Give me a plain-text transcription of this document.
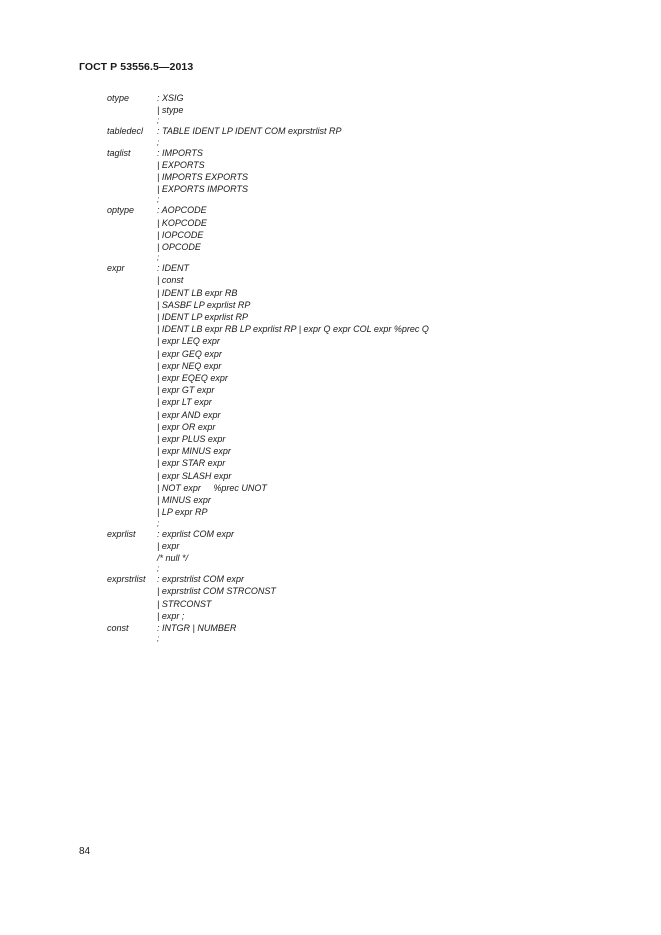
ГОСТ Р 53556.5—2013
otype	: XSIG
| stype
;
tabledecl	: TABLE IDENT LP IDENT COM exprstrlist RP
;
taglist	: IMPORTS
| EXPORTS
| IMPORTS EXPORTS
| EXPORTS IMPORTS
;
optype	: AOPCODE
| KOPCODE
| IOPCODE
| OPCODE
;
expr	: IDENT
| const
| IDENT LB expr RB
| SASBF LP exprlist RP
| IDENT LP exprlist RP
| IDENT LB expr RB LP exprlist RP | expr Q expr COL expr %prec Q
| expr LEQ expr
| expr GEQ expr
| expr NEQ expr
| expr EQEQ expr
| expr GT expr
| expr LT expr
| expr AND expr
| expr OR expr
| expr PLUS expr
| expr MINUS expr
| expr STAR expr
| expr SLASH expr
| NOT expr     %prec UNOT
| MINUS expr
| LP expr RP
;
exprlist	: exprlist COM expr
| expr
/* null */
;
exprstrlist	: exprstrlist COM expr
| exprstrlist COM STRCONST
| STRCONST
| expr ;
const	: INTGR | NUMBER
;

84
